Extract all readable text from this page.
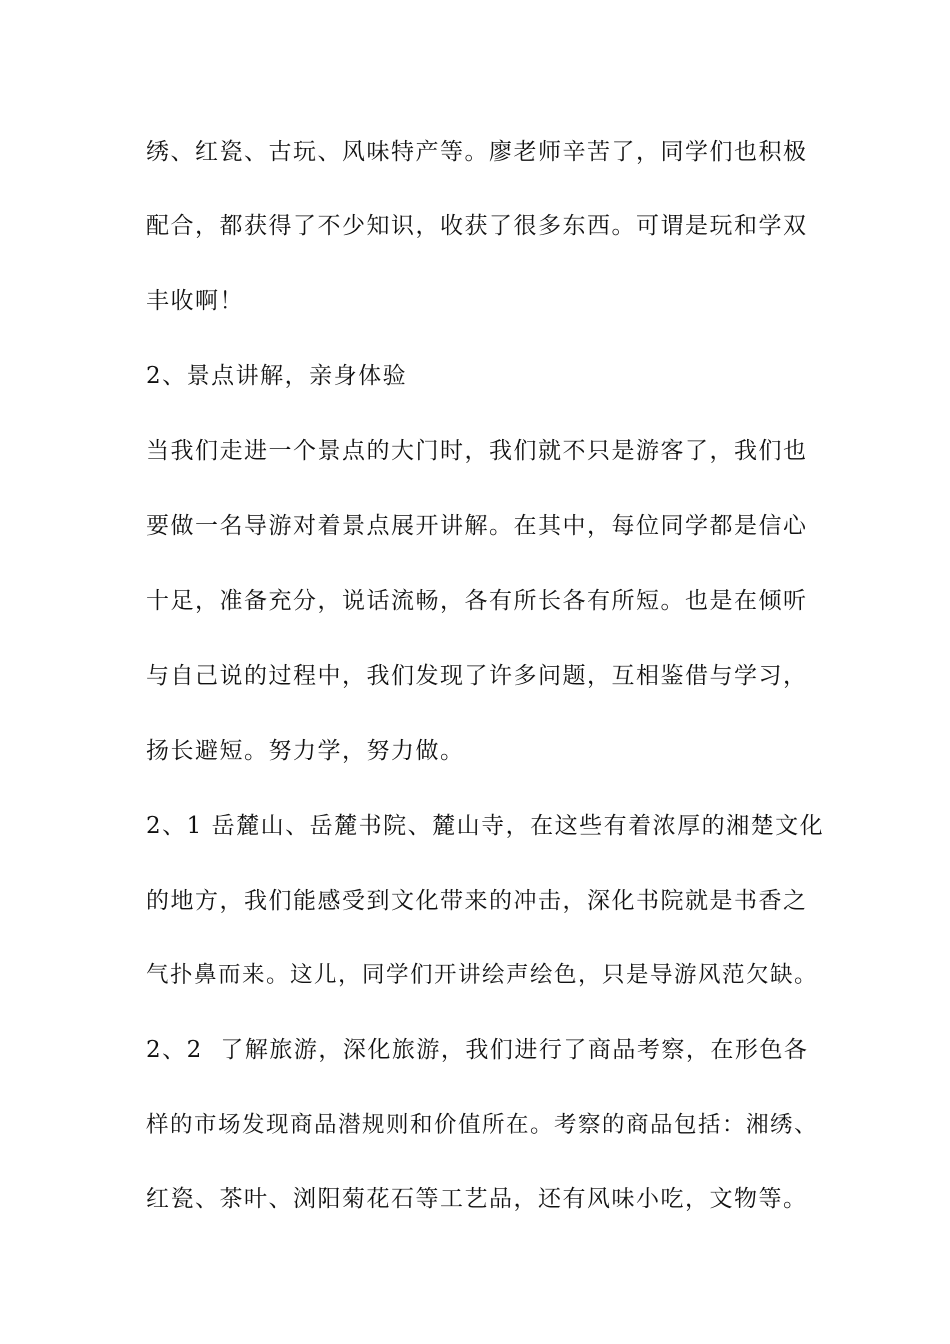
绣、红瓷、古玩、风味特产等。廖老师辛苦了，同学们也积极
配合，都获得了不少知识，收获了很多东西。可谓是玩和学双
丰收啊！
2、景点讲解，亲身体验
当我们走进一个景点的大门时，我们就不只是游客了，我们也
要做一名导游对着景点展开讲解。在其中，每位同学都是信心
十足，准备充分，说话流畅，各有所长各有所短。也是在倾听
与自己说的过程中，我们发现了许多问题，互相鉴借与学习，
扬长避短。努力学，努力做。
2、1 岳麓山、岳麓书院、麓山寺，在这些有着浓厚的湘楚文化
的地方，我们能感受到文化带来的冲击，深化书院就是书香之
气扑鼻而来。这儿，同学们开讲绘声绘色，只是导游风范欠缺。
2、2  了解旅游，深化旅游，我们进行了商品考察，在形色各
样的市场发现商品潜规则和价值所在。考察的商品包括：湘绣、
红瓷、茶叶、浏阳菊花石等工艺品，还有风味小吃，文物等。
